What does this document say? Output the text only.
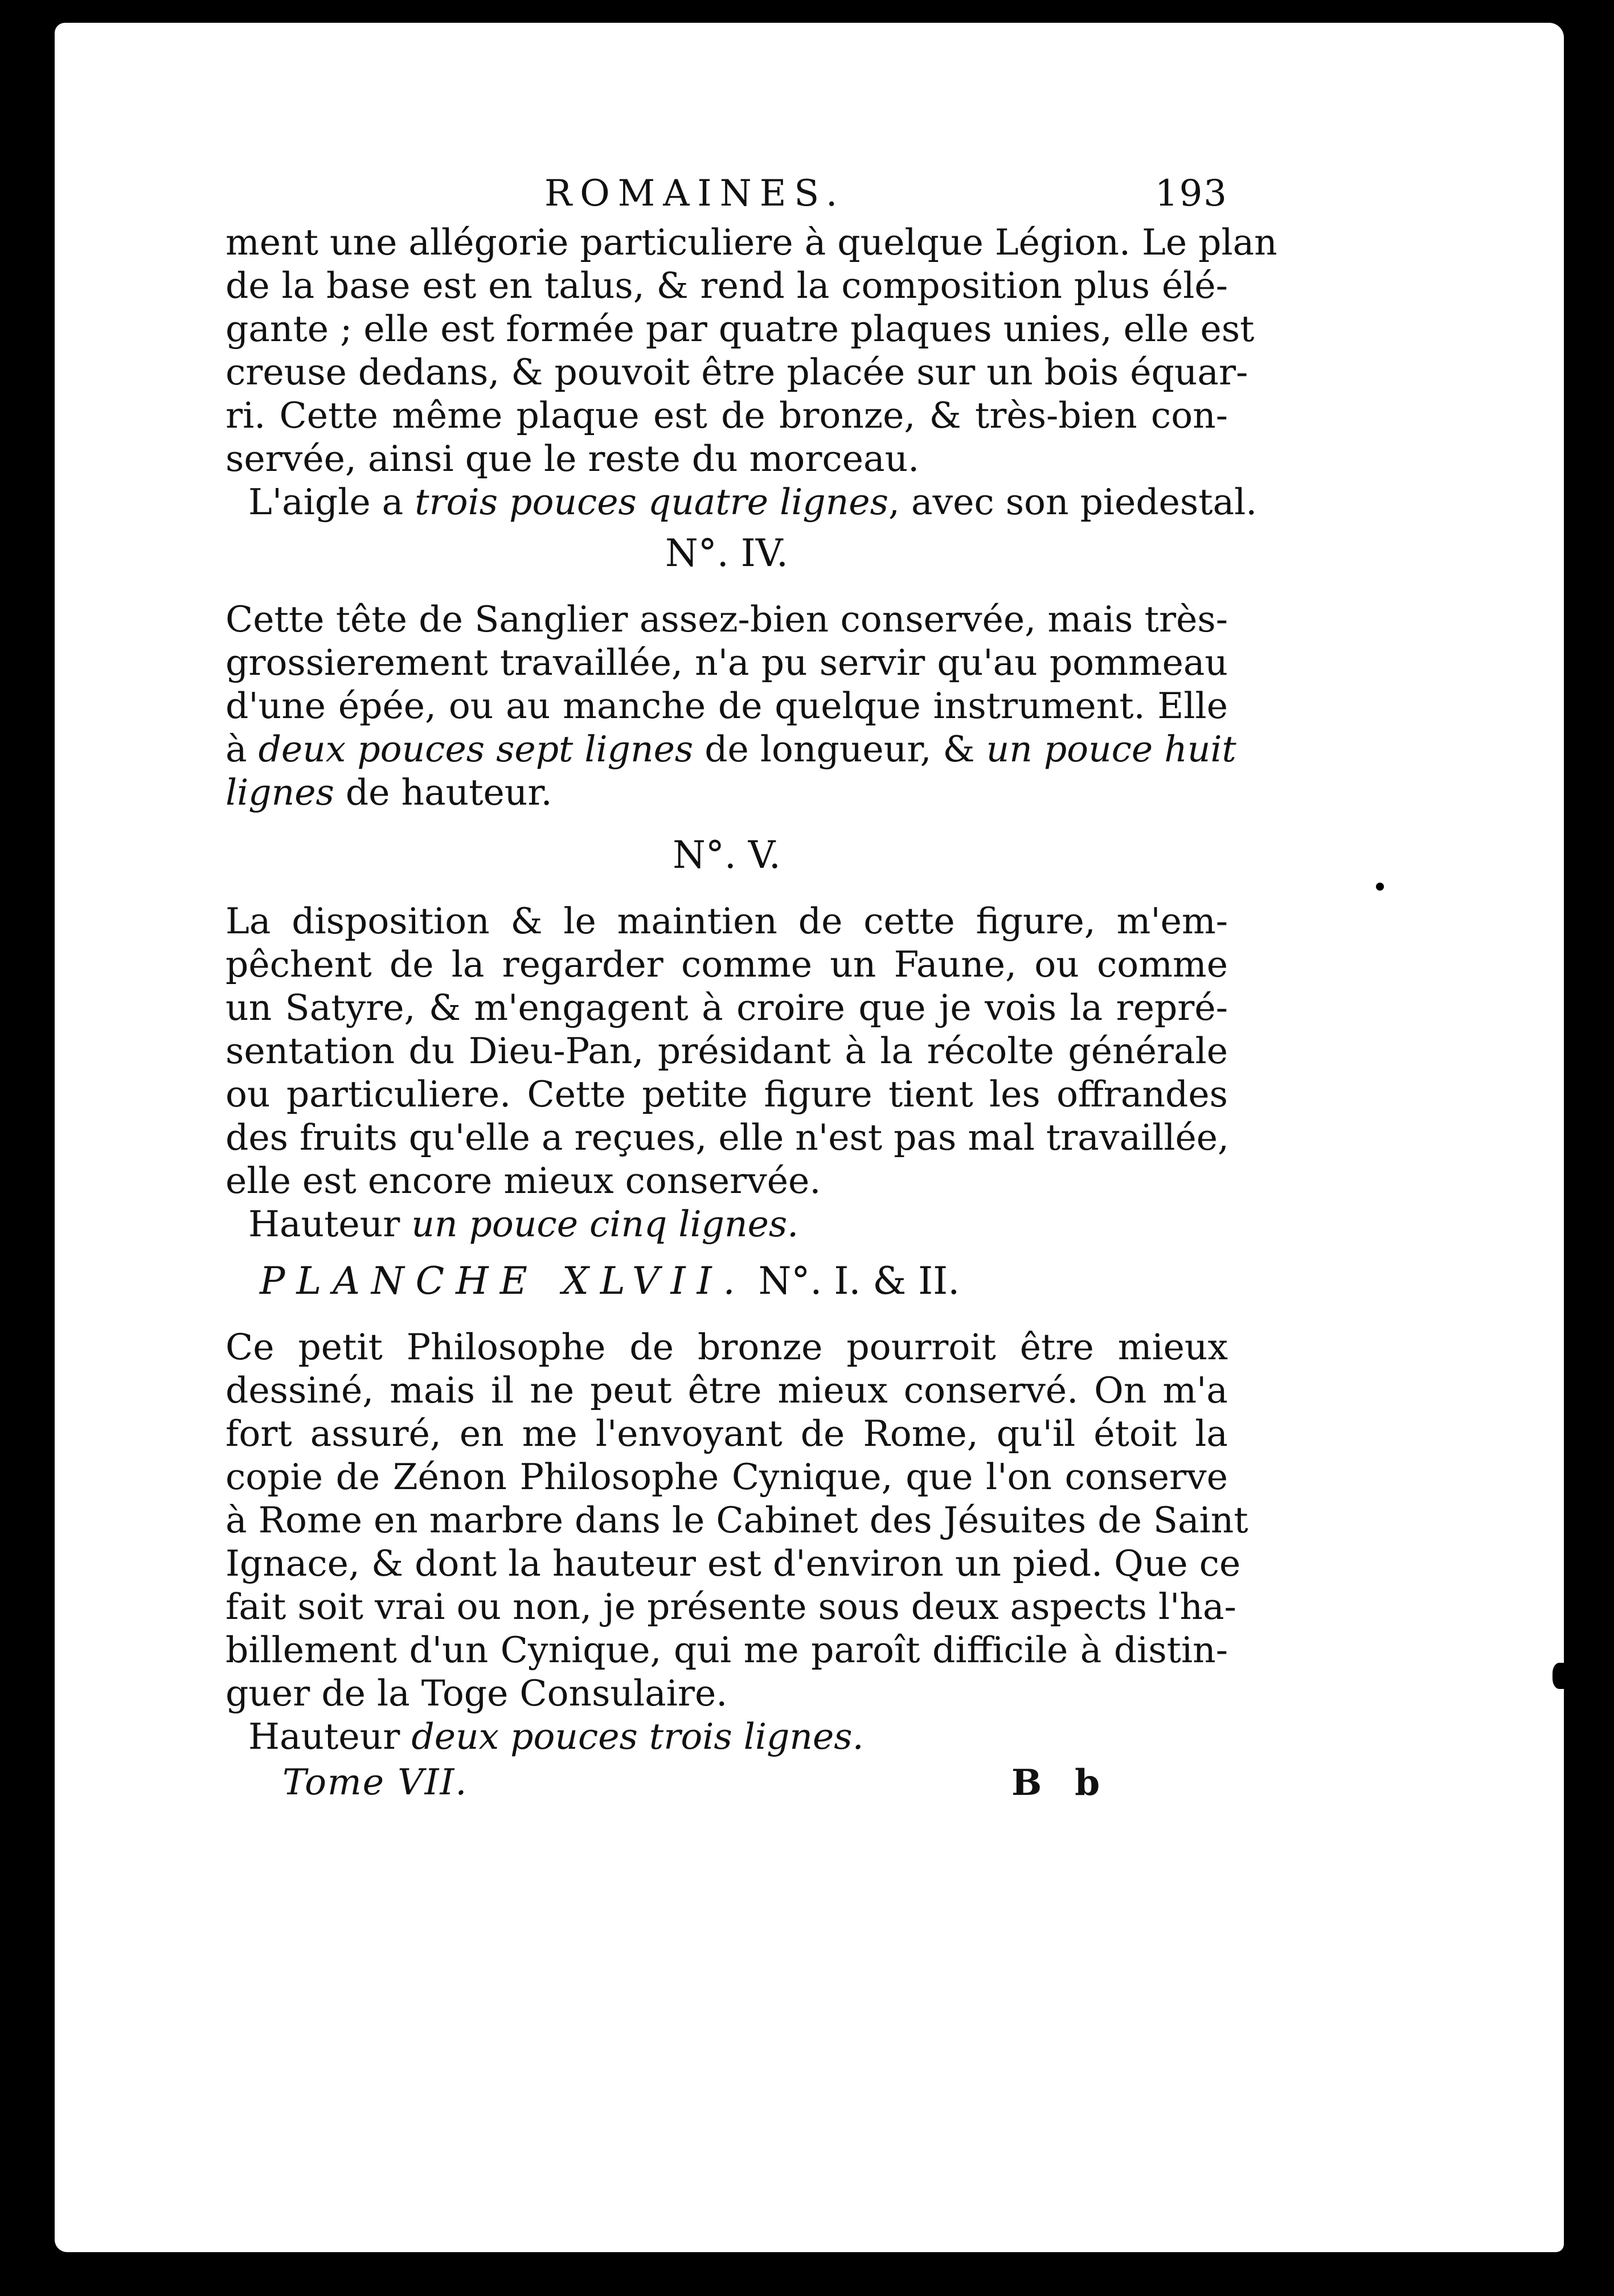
ROMAINES.	193

ment une allégorie particuliere à quelque Légion. Le plan

de la base est en talus, & rend la composition plus élé-

gante ; elle est formée par quatre plaques unies, elle est

creuse dedans, & pouvoit être placée sur un bois équar-

ri. Cette même plaque est de bronze, & très-bien con-

servée, ainsi que le reste du morceau.

L'aigle a trois pouces quatre lignes, avec son piedestal.

N°. IV.

Cette tête de Sanglier assez-bien conservée, mais très-

grossierement travaillée, n'a pu servir qu'au pommeau

d'une épée, ou au manche de quelque instrument. Elle

à deux pouces sept lignes de longueur, & un pouce huit

lignes de hauteur.

N°. V.

La disposition & le maintien de cette figure, m'em-

pêchent de la regarder comme un Faune, ou comme

un Satyre, & m'engagent à croire que je vois la repré-

sentation du Dieu-Pan, présidant à la récolte générale

ou particuliere. Cette petite figure tient les offrandes

des fruits qu'elle a reçues, elle n'est pas mal travaillée,

elle est encore mieux conservée.

Hauteur un pouce cinq lignes.

PLANCHE XLVII. N°. I. & II.

Ce petit Philosophe de bronze pourroit être mieux

dessiné, mais il ne peut être mieux conservé. On m'a

fort assuré, en me l'envoyant de Rome, qu'il étoit la

copie de Zénon Philosophe Cynique, que l'on conserve

à Rome en marbre dans le Cabinet des Jésuites de Saint

Ignace, & dont la hauteur est d'environ un pied. Que ce

fait soit vrai ou non, je présente sous deux aspects l'ha-

billement d'un Cynique, qui me paroît difficile à distin-

guer de la Toge Consulaire.

Hauteur deux pouces trois lignes.

Tome VII.	B b
